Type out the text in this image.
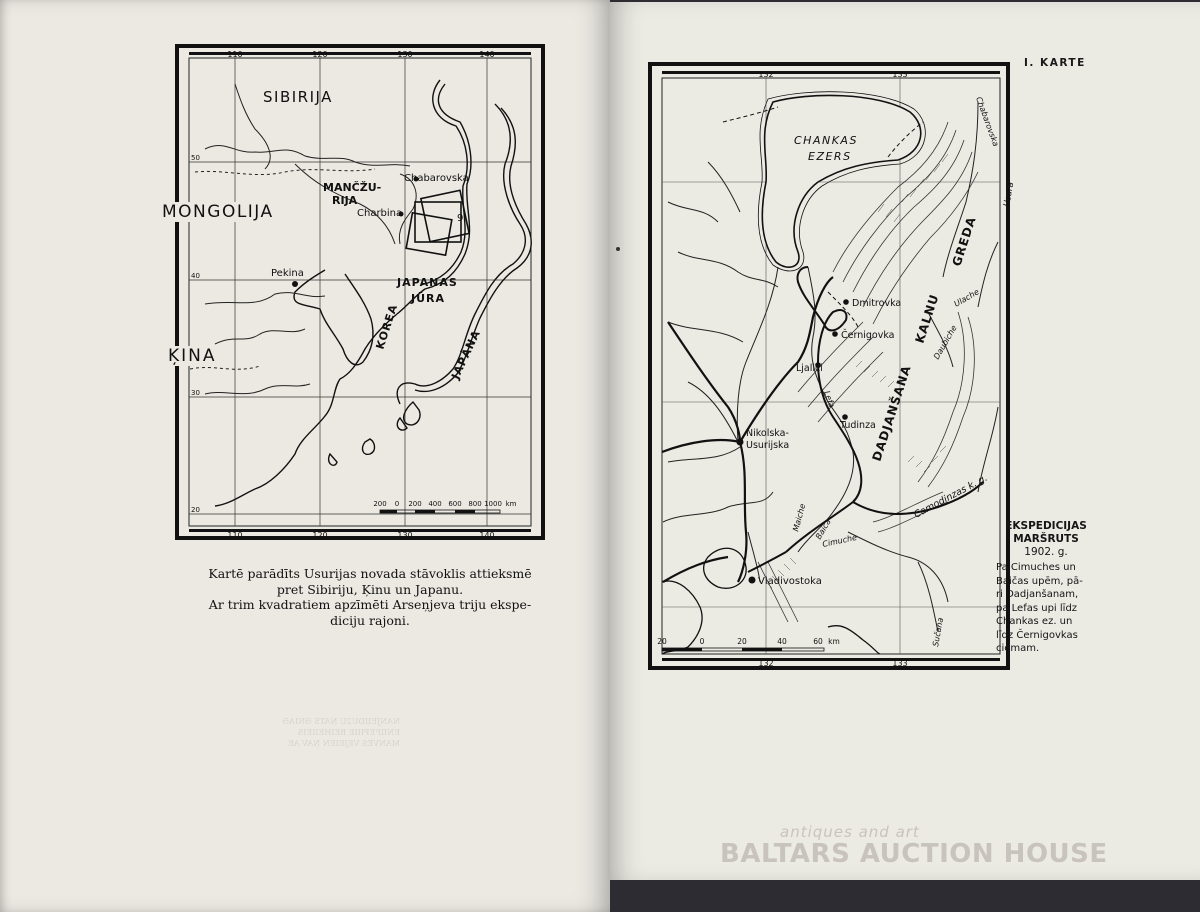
NANJEIIDU2U ŅATS ƏNIAƏ
ENIIFEPIIIE BEIHEIIEIS
MANVES VEJEIEN ŅAV AE
9
110	120	130	140
110	120	130	140
50
40
30
20
SIBIRIJA
MANČŽU-
RIJA
Chabarovska
Charbina
Pekina
JAPANAS
JŪRA
KOREA
JAPĀNA
200 0 200 400 600 800 1000 km
MONGOLIJA
ĶINA
Kartē parādīts Usurijas novada stāvoklis attieksmē
pret Sibiriju, Ķinu un Japanu.
Ar trim kvadratiem apzīmēti Arseņjeva triju ekspe-
diciju rajoni.
I. KARTE
132	133
132	133
CHANKAS
EZERS
Chabarovska
Usura
Ulache
Dmitrovka
Černigovka
Ljaliči
Lefa
Tudinza
Nikolska-
Usurijska	DADJANŠANA
KALNU
GREDA
Daubiche
Camodinzas k. g.
Maiche Baiča
Cimuche
Sučana
Vladivostoka
20	0	20	40	60 km
EKSPEDICIJAS
MARŠRUTS
1902. g.
Pa Cimuches un
Baičas upēm, pā-
ri Dadjanšanam,
pa Lefas upi līdz
Chankas ez. un
līdz Černigovkas
ciemam.
antiques and art
BALTARS AUCTION HOUSE
